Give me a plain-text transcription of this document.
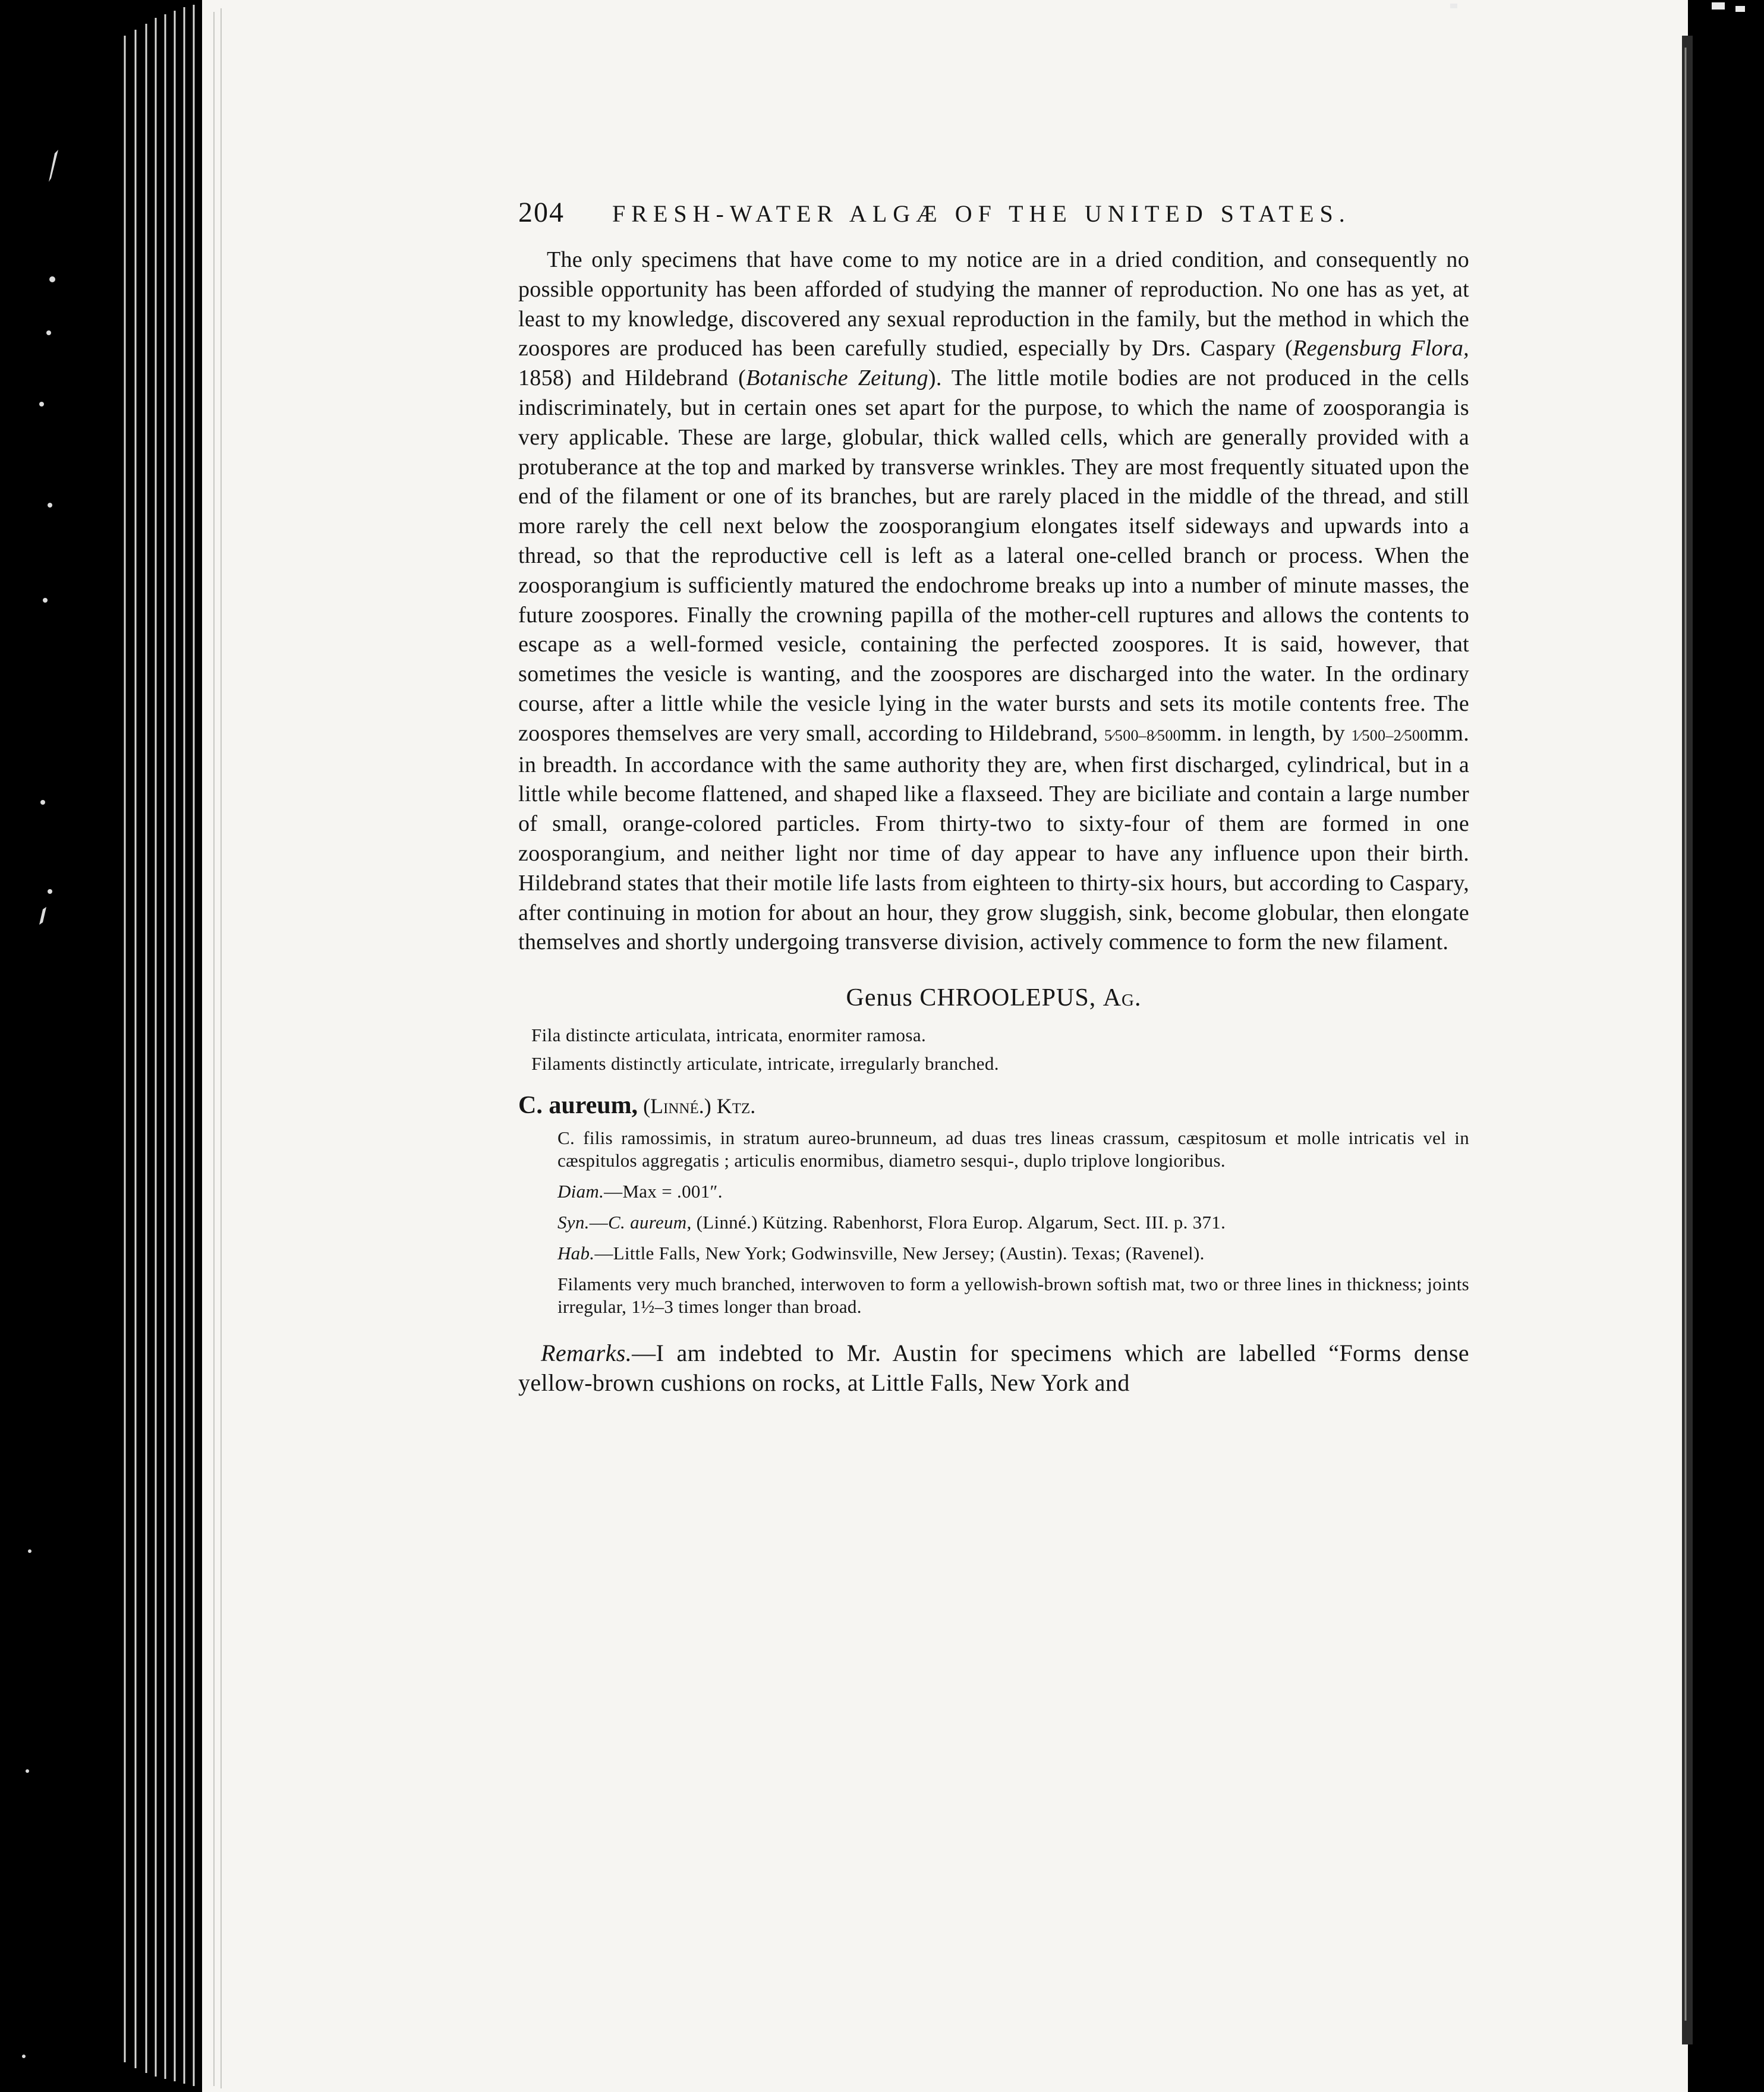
204 FRESH-WATER ALGÆ OF THE UNITED STATES.

The only specimens that have come to my notice are in a dried condition, and consequently no possible opportunity has been afforded of studying the manner of reproduction. No one has as yet, at least to my knowledge, discovered any sexual reproduction in the family, but the method in which the zoospores are produced has been carefully studied, especially by Drs. Caspary (Regensburg Flora, 1858) and Hildebrand (Botanische Zeitung). The little motile bodies are not produced in the cells indiscriminately, but in certain ones set apart for the purpose, to which the name of zoosporangia is very applicable. These are large, globular, thick walled cells, which are generally provided with a protuberance at the top and marked by transverse wrinkles. They are most frequently situated upon the end of the filament or one of its branches, but are rarely placed in the middle of the thread, and still more rarely the cell next below the zoosporangium elongates itself sideways and upwards into a thread, so that the reproductive cell is left as a lateral one-celled branch or process. When the zoosporangium is sufficiently matured the endochrome breaks up into a number of minute masses, the future zoospores. Finally the crowning papilla of the mother-cell ruptures and allows the contents to escape as a well-formed vesicle, containing the perfected zoospores. It is said, however, that sometimes the vesicle is wanting, and the zoospores are discharged into the water. In the ordinary course, after a little while the vesicle lying in the water bursts and sets its motile contents free. The zoospores themselves are very small, according to Hildebrand, 5⁄500–8⁄500mm. in length, by 1⁄500–2⁄500mm. in breadth. In accordance with the same authority they are, when first discharged, cylindrical, but in a little while become flattened, and shaped like a flaxseed. They are biciliate and contain a large number of small, orange-colored particles. From thirty-two to sixty-four of them are formed in one zoosporangium, and neither light nor time of day appear to have any influence upon their birth. Hildebrand states that their motile life lasts from eighteen to thirty-six hours, but according to Caspary, after continuing in motion for about an hour, they grow sluggish, sink, become globular, then elongate themselves and shortly undergoing transverse division, actively commence to form the new filament.

Genus CHROOLEPUS, Ag.

Fila distincte articulata, intricata, enormiter ramosa.

Filaments distinctly articulate, intricate, irregularly branched.

C. aureum, (Linné.) Ktz.

C. filis ramossimis, in stratum aureo-brunneum, ad duas tres lineas crassum, cæspitosum et molle intricatis vel in cæspitulos aggregatis ; articulis enormibus, diametro sesqui-, duplo triplove longioribus.

Diam.—Max = .001″.

Syn.—C. aureum, (Linné.) Kützing. Rabenhorst, Flora Europ. Algarum, Sect. III. p. 371.

Hab.—Little Falls, New York; Godwinsville, New Jersey; (Austin). Texas; (Ravenel).

Filaments very much branched, interwoven to form a yellowish-brown softish mat, two or three lines in thickness; joints irregular, 1½–3 times longer than broad.

Remarks.—I am indebted to Mr. Austin for specimens which are labelled “Forms dense yellow-brown cushions on rocks, at Little Falls, New York and
